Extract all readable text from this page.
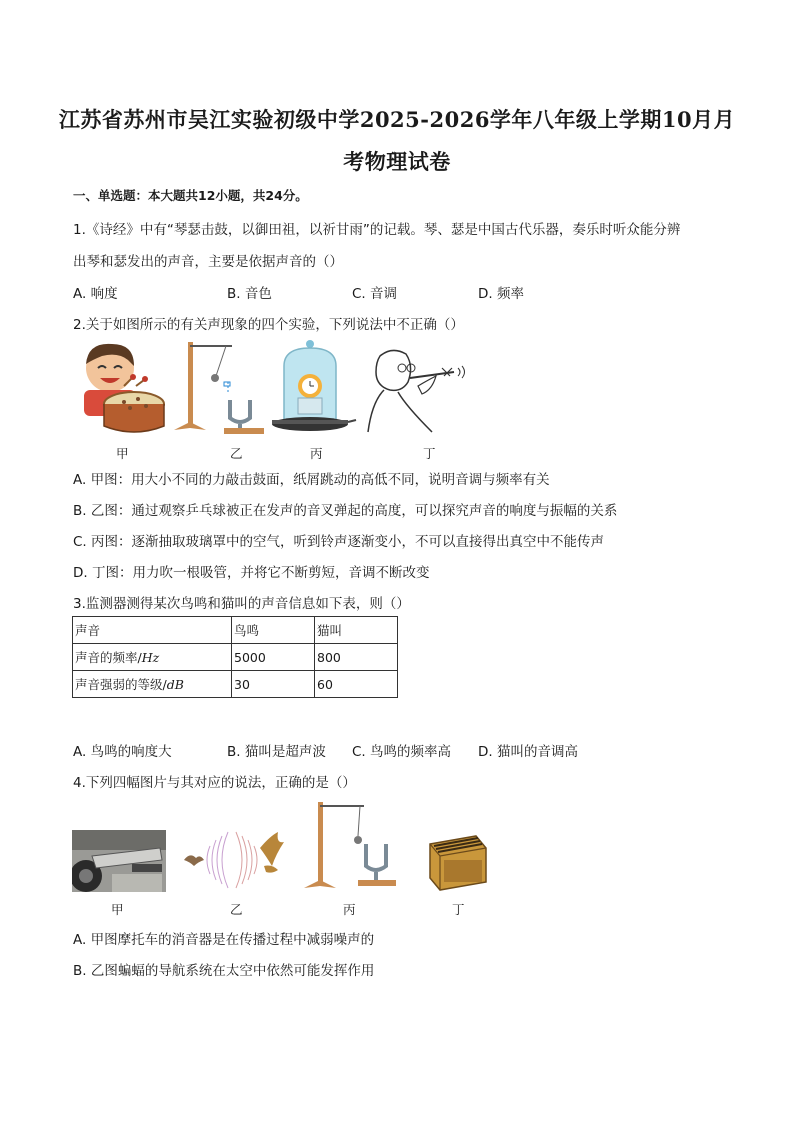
江苏省苏州市吴江实验初级中学2025-2026学年八年级上学期10月月
考物理试卷
一、单选题：本大题共12小题，共24分。
1.《诗经》中有“琴瑟击鼓，以御田祖，以祈甘雨”的记载。琴、瑟是中国古代乐器，奏乐时听众能分辨
出琴和瑟发出的声音，主要是依据声音的（）
A. 响度	B. 音色	C. 音调	D. 频率
2.关于如图所示的有关声现象的四个实验，下列说法中不正确（）
甲	乙	丙	丁
A. 甲图：用大小不同的力敲击鼓面，纸屑跳动的高低不同，说明音调与频率有关
B. 乙图：通过观察乒乓球被正在发声的音叉弹起的高度，可以探究声音的响度与振幅的关系
C. 丙图：逐渐抽取玻璃罩中的空气，听到铃声逐渐变小，不可以直接得出真空中不能传声
D. 丁图：用力吹一根吸管，并将它不断剪短，音调不断改变
3.监测器测得某次鸟鸣和猫叫的声音信息如下表，则（）
声音	鸟鸣	猫叫
声音的频率/Hz	5000	800
声音强弱的等级/dB	30	60
A. 鸟鸣的响度大	B. 猫叫是超声波 C. 鸟鸣的频率高 D. 猫叫的音调高
4.下列四幅图片与其对应的说法，正确的是（）
甲	乙	丙	丁
A. 甲图摩托车的消音器是在传播过程中减弱噪声的
B. 乙图蝙蝠的导航系统在太空中依然可能发挥作用
